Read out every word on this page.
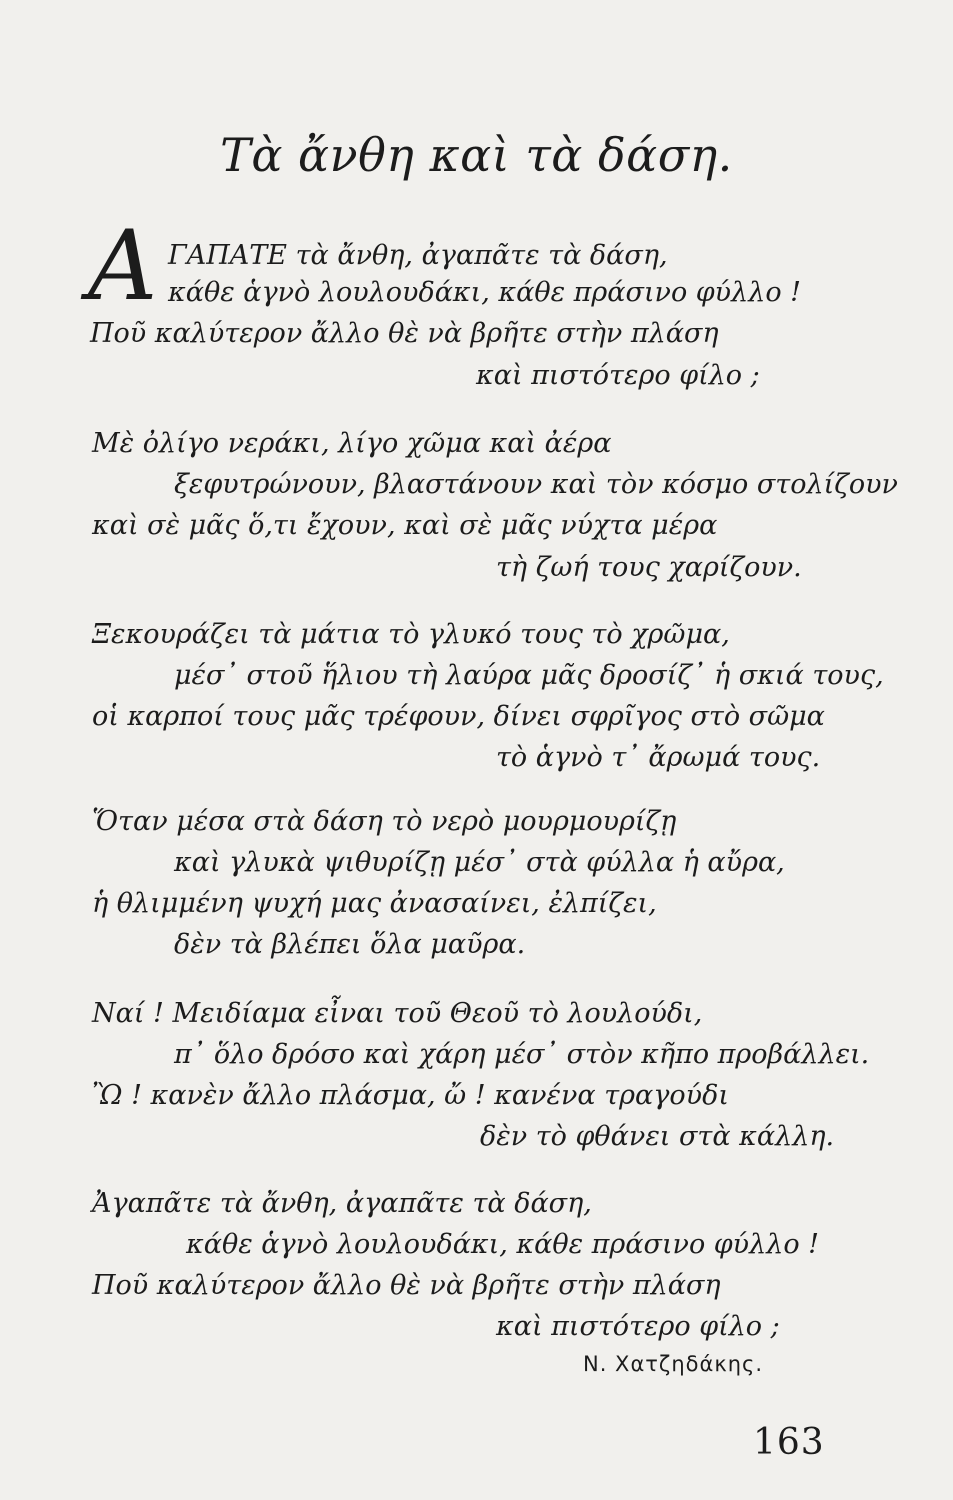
Τὰ ἄνθη καὶ τὰ δάση.
Α ΓΑΠΑΤΕ τὰ ἄνθη, ἀγαπᾶτε τὰ δάση,
κάθε ἁγνὸ λουλουδάκι, κάθε πράσινο φύλλο !
Ποῦ καλύτερον ἄλλο θὲ νὰ βρῆτε στὴν πλάση
καὶ πιστότερο φίλο ;
Μὲ ὀλίγο νεράκι, λίγο χῶμα καὶ ἀέρα
ξεφυτρώνουν, βλαστάνουν καὶ τὸν κόσμο στολίζουν
καὶ σὲ μᾶς ὅ,τι ἔχουν, καὶ σὲ μᾶς νύχτα μέρα
τὴ ζωή τους χαρίζουν.
Ξεκουράζει τὰ μάτια τὸ γλυκό τους τὸ χρῶμα,
μέσ᾿ στοῦ ἥλιου τὴ λαύρα μᾶς δροσίζ᾿ ἡ σκιά τους,
οἱ καρποί τους μᾶς τρέφουν, δίνει σφρῖγος στὸ σῶμα
τὸ ἁγνὸ τ᾿ ἄρωμά τους.
Ὅταν μέσα στὰ δάση τὸ νερὸ μουρμουρίζῃ
καὶ γλυκὰ ψιθυρίζῃ μέσ᾿ στὰ φύλλα ἡ αὔρα,
ἡ θλιμμένη ψυχή μας ἀνασαίνει, ἐλπίζει,
δὲν τὰ βλέπει ὅλα μαῦρα.
Ναί ! Μειδίαμα εἶναι τοῦ Θεοῦ τὸ λουλούδι,
π᾿ ὅλο δρόσο καὶ χάρη μέσ᾿ στὸν κῆπο προβάλλει.
Ὢ ! κανὲν ἄλλο πλάσμα, ὤ ! κανένα τραγούδι
δὲν τὸ φθάνει στὰ κάλλη.
Ἀγαπᾶτε τὰ ἄνθη, ἀγαπᾶτε τὰ δάση,
κάθε ἁγνὸ λουλουδάκι, κάθε πράσινο φύλλο !
Ποῦ καλύτερον ἄλλο θὲ νὰ βρῆτε στὴν πλάση
καὶ πιστότερο φίλο ;
Ν. Χατζηδάκης.
163
